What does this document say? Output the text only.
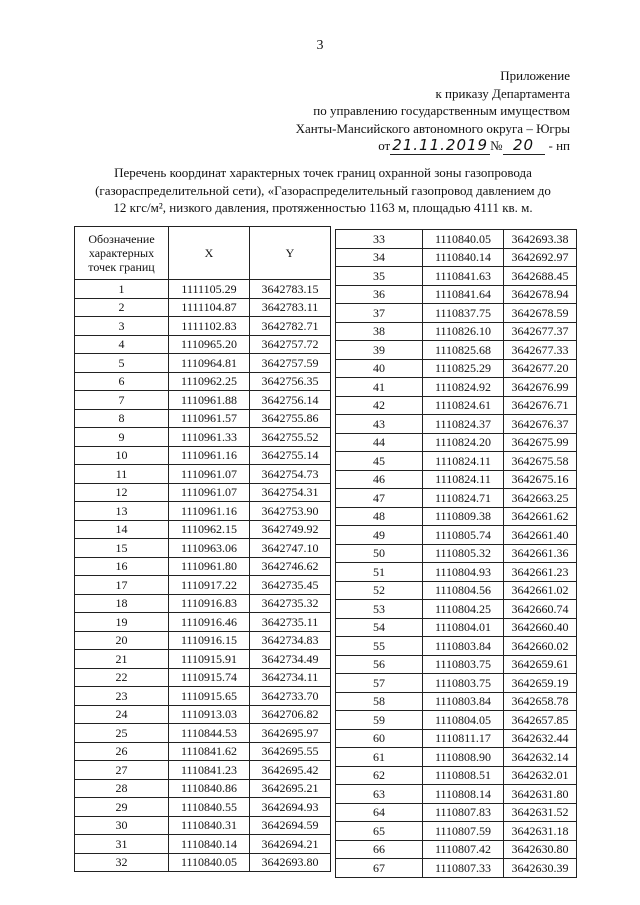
3
Приложение
к приказу Департамента
по управлению государственным имуществом
Ханты-Мансийского автономного округа – Югры
от 21.11.2019 № 20	- нп
Перечень координат характерных точек границ охранной зоны газопровода (газораспределительной сети), «Газораспределительный газопровод давлением до 12 кгс/м², низкого давления, протяженностью 1163 м, площадью 4111 кв. м.
Обозначение характерных точек границ	X	Y
1	1111105.29	3642783.15
2	1111104.87	3642783.11
3	1111102.83	3642782.71
4	1110965.20	3642757.72
5	1110964.81	3642757.59
6	1110962.25	3642756.35
7	1110961.88	3642756.14
8	1110961.57	3642755.86
9	1110961.33	3642755.52
10	1110961.16	3642755.14
11	1110961.07	3642754.73
12	1110961.07	3642754.31
13	1110961.16	3642753.90
14	1110962.15	3642749.92
15	1110963.06	3642747.10
16	1110961.80	3642746.62
17	1110917.22	3642735.45
18	1110916.83	3642735.32
19	1110916.46	3642735.11
20	1110916.15	3642734.83
21	1110915.91	3642734.49
22	1110915.74	3642734.11
23	1110915.65	3642733.70
24	1110913.03	3642706.82
25	1110844.53	3642695.97
26	1110841.62	3642695.55
27	1110841.23	3642695.42
28	1110840.86	3642695.21
29	1110840.55	3642694.93
30	1110840.31	3642694.59
31	1110840.14	3642694.21
32	1110840.05	3642693.80
33	1110840.05	3642693.38
34	1110840.14	3642692.97
35	1110841.63	3642688.45
36	1110841.64	3642678.94
37	1110837.75	3642678.59
38	1110826.10	3642677.37
39	1110825.68	3642677.33
40	1110825.29	3642677.20
41	1110824.92	3642676.99
42	1110824.61	3642676.71
43	1110824.37	3642676.37
44	1110824.20	3642675.99
45	1110824.11	3642675.58
46	1110824.11	3642675.16
47	1110824.71	3642663.25
48	1110809.38	3642661.62
49	1110805.74	3642661.40
50	1110805.32	3642661.36
51	1110804.93	3642661.23
52	1110804.56	3642661.02
53	1110804.25	3642660.74
54	1110804.01	3642660.40
55	1110803.84	3642660.02
56	1110803.75	3642659.61
57	1110803.75	3642659.19
58	1110803.84	3642658.78
59	1110804.05	3642657.85
60	1110811.17	3642632.44
61	1110808.90	3642632.14
62	1110808.51	3642632.01
63	1110808.14	3642631.80
64	1110807.83	3642631.52
65	1110807.59	3642631.18
66	1110807.42	3642630.80
67	1110807.33	3642630.39
